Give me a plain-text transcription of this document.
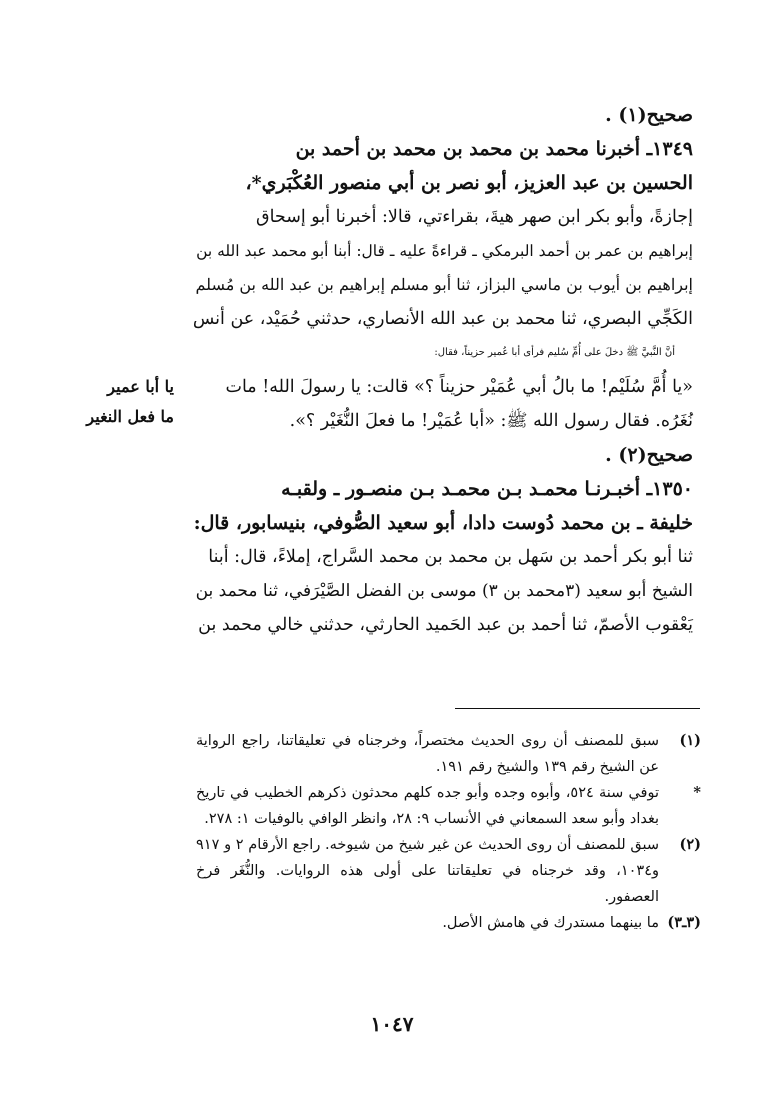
صحيح(١) .
١٣٤٩ـ أخبرنا محمد بن محمد بن محمد بن أحمد بن
الحسين بن عبد العزيز، أبو نصر بن أبي منصور العُكْبَري*،
إجازةً، وأبو بكر ابن صهر هيةَ، بقراءتي، قالا: أخبرنا أبو إسحاق
إبراهيم بن عمر بن أحمد البرمكي ـ قراءةً عليه ـ قال: أبنا أبو محمد عبد الله بن
إبراهيم بن أيوب بن ماسي البزاز، ثنا أبو مسلم إبراهيم بن عبد الله بن مُسلم
الكَجِّي البصري، ثنا محمد بن عبد الله الأنصاري، حدثني حُمَيْد، عن أنس
أنَّ النَّبيَّ ﷺ دخلَ على أُمِّ سُليم فرأى أبا عُمير حزيناً، فقال:
«يا أُمَّ سُلَيْم! ما بالُ أبي عُمَيْر حزيناً ؟» قالت: يا رسولَ الله! مات
نُغَرُه. فقال رسول الله ﷺ: «أبا عُمَيْر! ما فعلَ النُّغَيْر ؟».
صحيح(٢) .
١٣٥٠ـ أخبـرنـا محمـد بـن محمـد بـن منصـور ـ ولقبـه
خليفة ـ بن محمد دُوست دادا، أبو سعيد الصُّوفي، بنيسابور، قال:
ثنا أبو بكر أحمد بن سَهل بن محمد بن محمد السَّراج، إملاءً، قال: أبنا
الشيخ أبو سعيد (٣محمد بن ٣) موسى بن الفضل الصَّيْرَفي، ثنا محمد بن
يَعْقوب الأصمّ، ثنا أحمد بن عبد الحَميد الحارثي، حدثني خالي محمد بن
يا أبا عمير
ما فعل النغير
(١)
سبق للمصنف أن روى الحديث مختصراً، وخرجناه في تعليقاتنا، راجع الرواية عن الشيخ رقم ١٣٩ والشيخ رقم ١٩١.
*
توفي سنة ٥٢٤، وأبوه وجده وأبو جده كلهم محدثون ذكرهم الخطيب في تاريخ بغداد وأبو سعد السمعاني في الأنساب ٩: ٢٨، وانظر الوافي بالوفيات ١: ٢٧٨.
(٢)
سبق للمصنف أن روى الحديث عن غير شيخ من شيوخه. راجع الأرقام ٢ و ٩١٧ و١٠٣٤، وقد خرجناه في تعليقاتنا على أولى هذه الروايات. والنُّغَر فرخ العصفور.
(٣ـ٣)
ما بينهما مستدرك في هامش الأصل.
١٠٤٧
